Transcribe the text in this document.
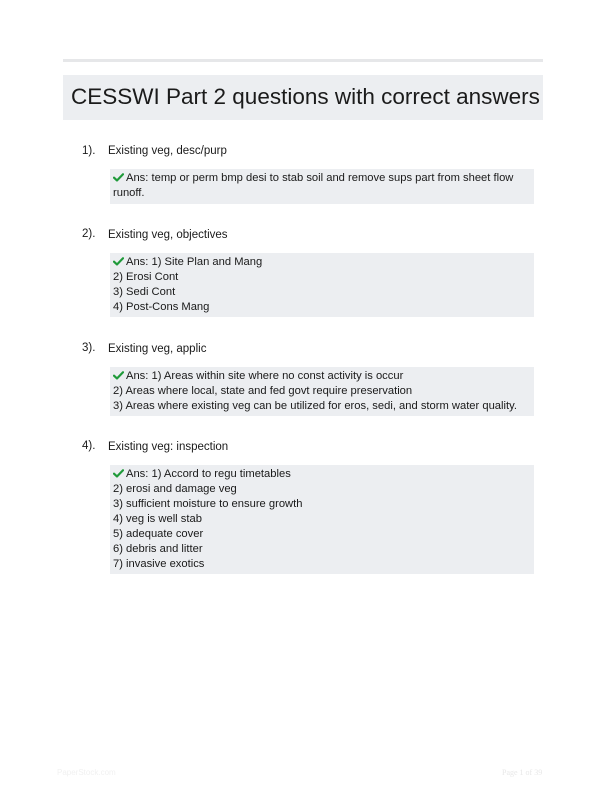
CESSWI Part 2 questions with correct answers
1). Existing veg, desc/purp
Ans: temp or perm bmp desi to stab soil and remove sups part from sheet flow runoff.
2). Existing veg, objectives
Ans: 1) Site Plan and Mang
2) Erosi Cont
3) Sedi Cont
4) Post-Cons Mang
3). Existing veg, applic
Ans: 1) Areas within site where no const activity is occur
2) Areas where local, state and fed govt require preservation
3) Areas where existing veg can be utilized for eros, sedi, and storm water quality.
4). Existing veg: inspection
Ans: 1) Accord to regu timetables
2) erosi and damage veg
3) sufficient moisture to ensure growth
4) veg is well stab
5) adequate cover
6) debris and litter
7) invasive exotics
PaperStock.com	Page 1 of 39
